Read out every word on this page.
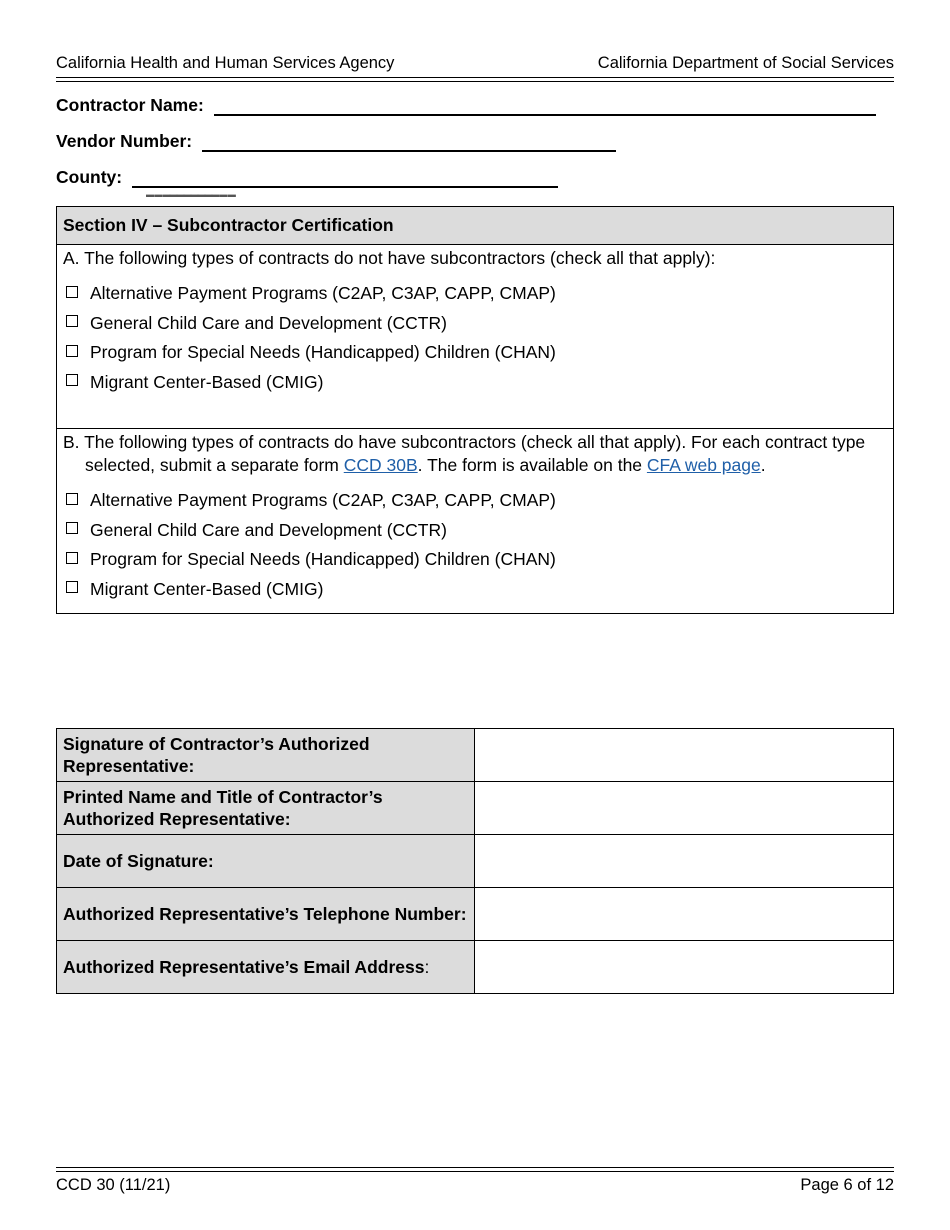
California Health and Human Services Agency	California Department of Social Services
Contractor Name:
Vendor Number:
County:
▬ ▬ ▬▬▬▬▬▬▬▬ ▬ ▬
Section IV – Subcontractor Certification
A. The following types of contracts do not have subcontractors (check all that apply):
Alternative Payment Programs (C2AP, C3AP, CAPP, CMAP)
General Child Care and Development (CCTR)
Program for Special Needs (Handicapped) Children (CHAN)
Migrant Center-Based (CMIG)
B. The following types of contracts do have subcontractors (check all that apply). For each contract type selected, submit a separate form CCD 30B. The form is available on the CFA web page.
Alternative Payment Programs (C2AP, C3AP, CAPP, CMAP)
General Child Care and Development (CCTR)
Program for Special Needs (Handicapped) Children (CHAN)
Migrant Center-Based (CMIG)
Signature of Contractor’s Authorized Representative:	
Printed Name and Title of Contractor’s Authorized Representative:	
Date of Signature:	
Authorized Representative’s Telephone Number:	
Authorized Representative’s Email Address:	
CCD 30 (11/21)	Page 6 of 12
